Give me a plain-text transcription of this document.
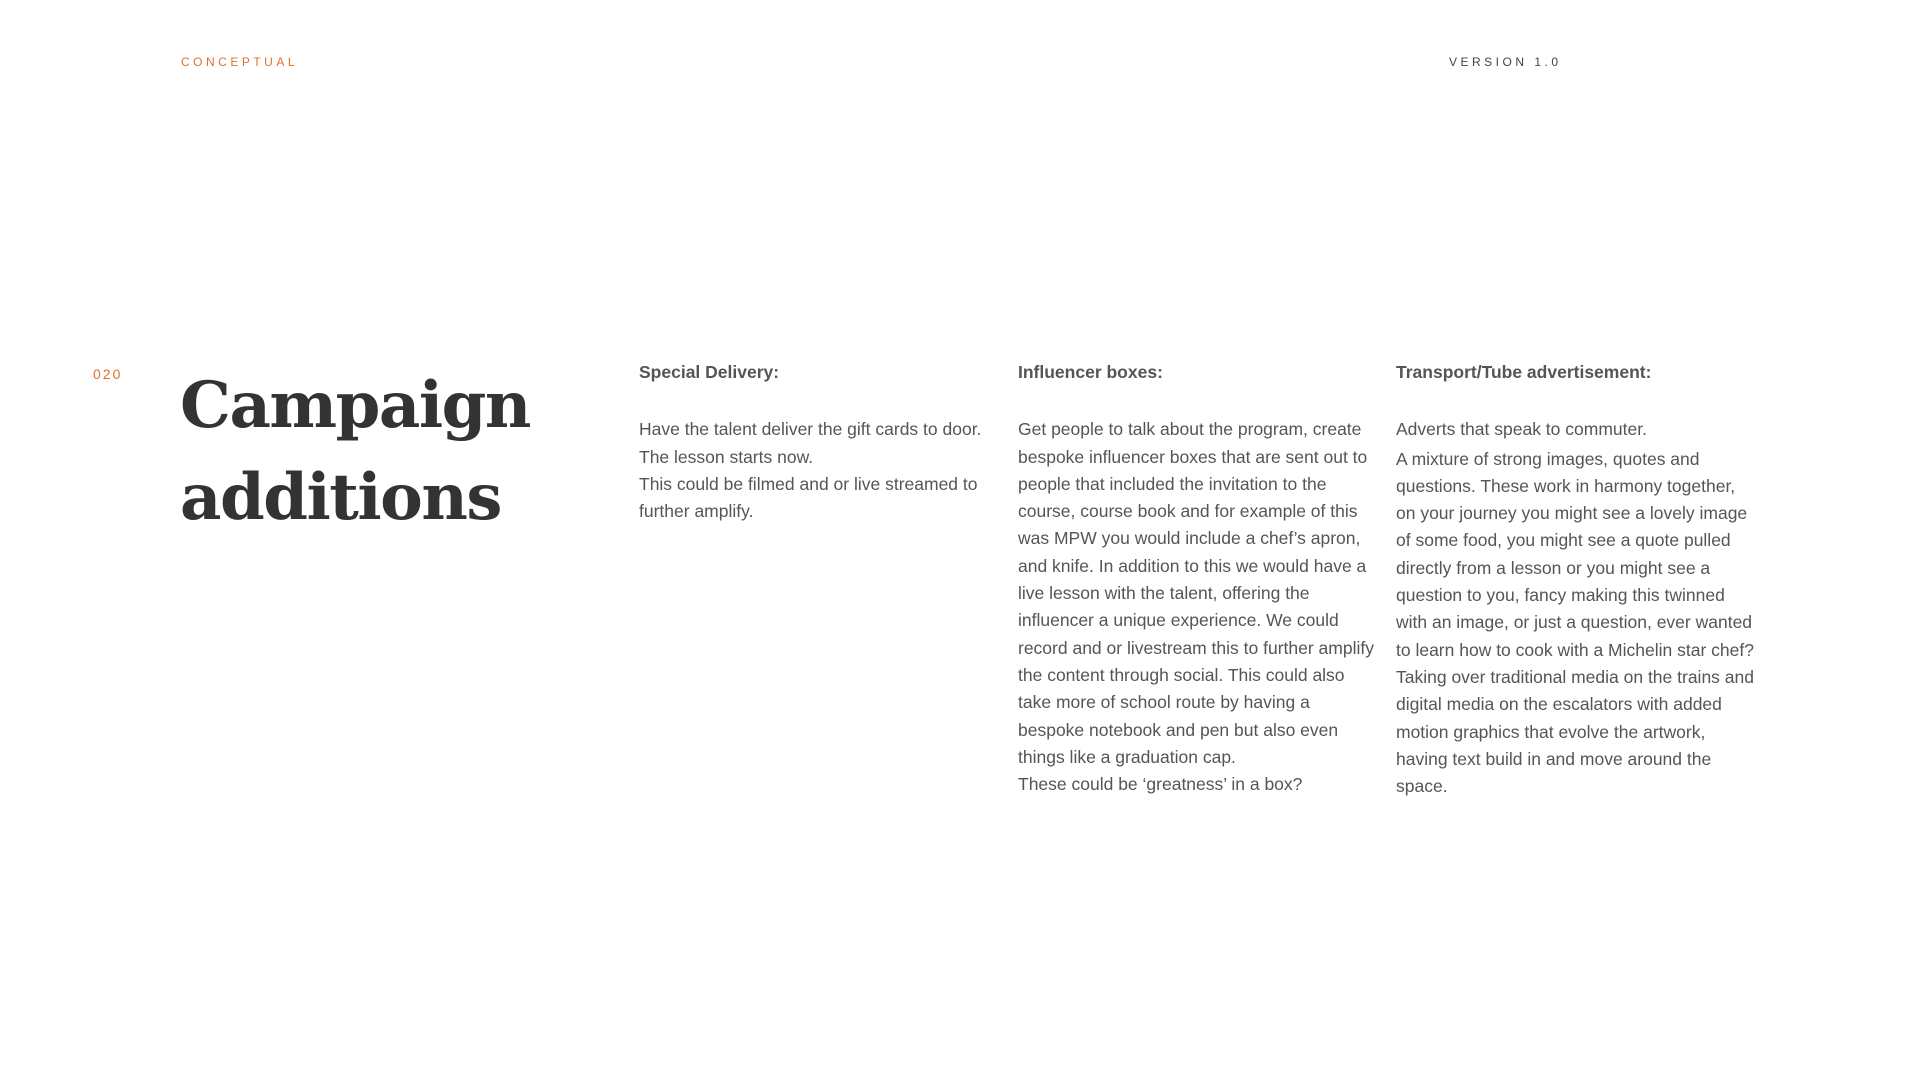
CONCEPTUAL	VERSION 1.0
020 Campaign
additions
Special Delivery:

Have the talent deliver the gift cards to door. The lesson starts now.

This could be filmed and or live streamed to further amplify.

Influencer boxes:

Get people to talk about the program, create bespoke influencer boxes that are sent out to people that included the invitation to the course, course book and for example of this was MPW you would include a chef’s apron, and knife. In addition to this we would have a live lesson with the talent, offering the influencer a unique experience. We could record and or livestream this to further amplify the content through social. This could also take more of school route by having a bespoke notebook and pen but also even things like a graduation cap.

These could be ‘greatness’ in a box?

Transport/Tube advertisement:

Adverts that speak to commuter.

A mixture of strong images, quotes and questions. These work in harmony together, on your journey you might see a lovely image of some food, you might see a quote pulled directly from a lesson or you might see a question to you, fancy making this twinned with an image, or just a question, ever wanted to learn how to cook with a Michelin star chef? Taking over traditional media on the trains and digital media on the escalators with added motion graphics that evolve the artwork, having text build in and move around the space.
